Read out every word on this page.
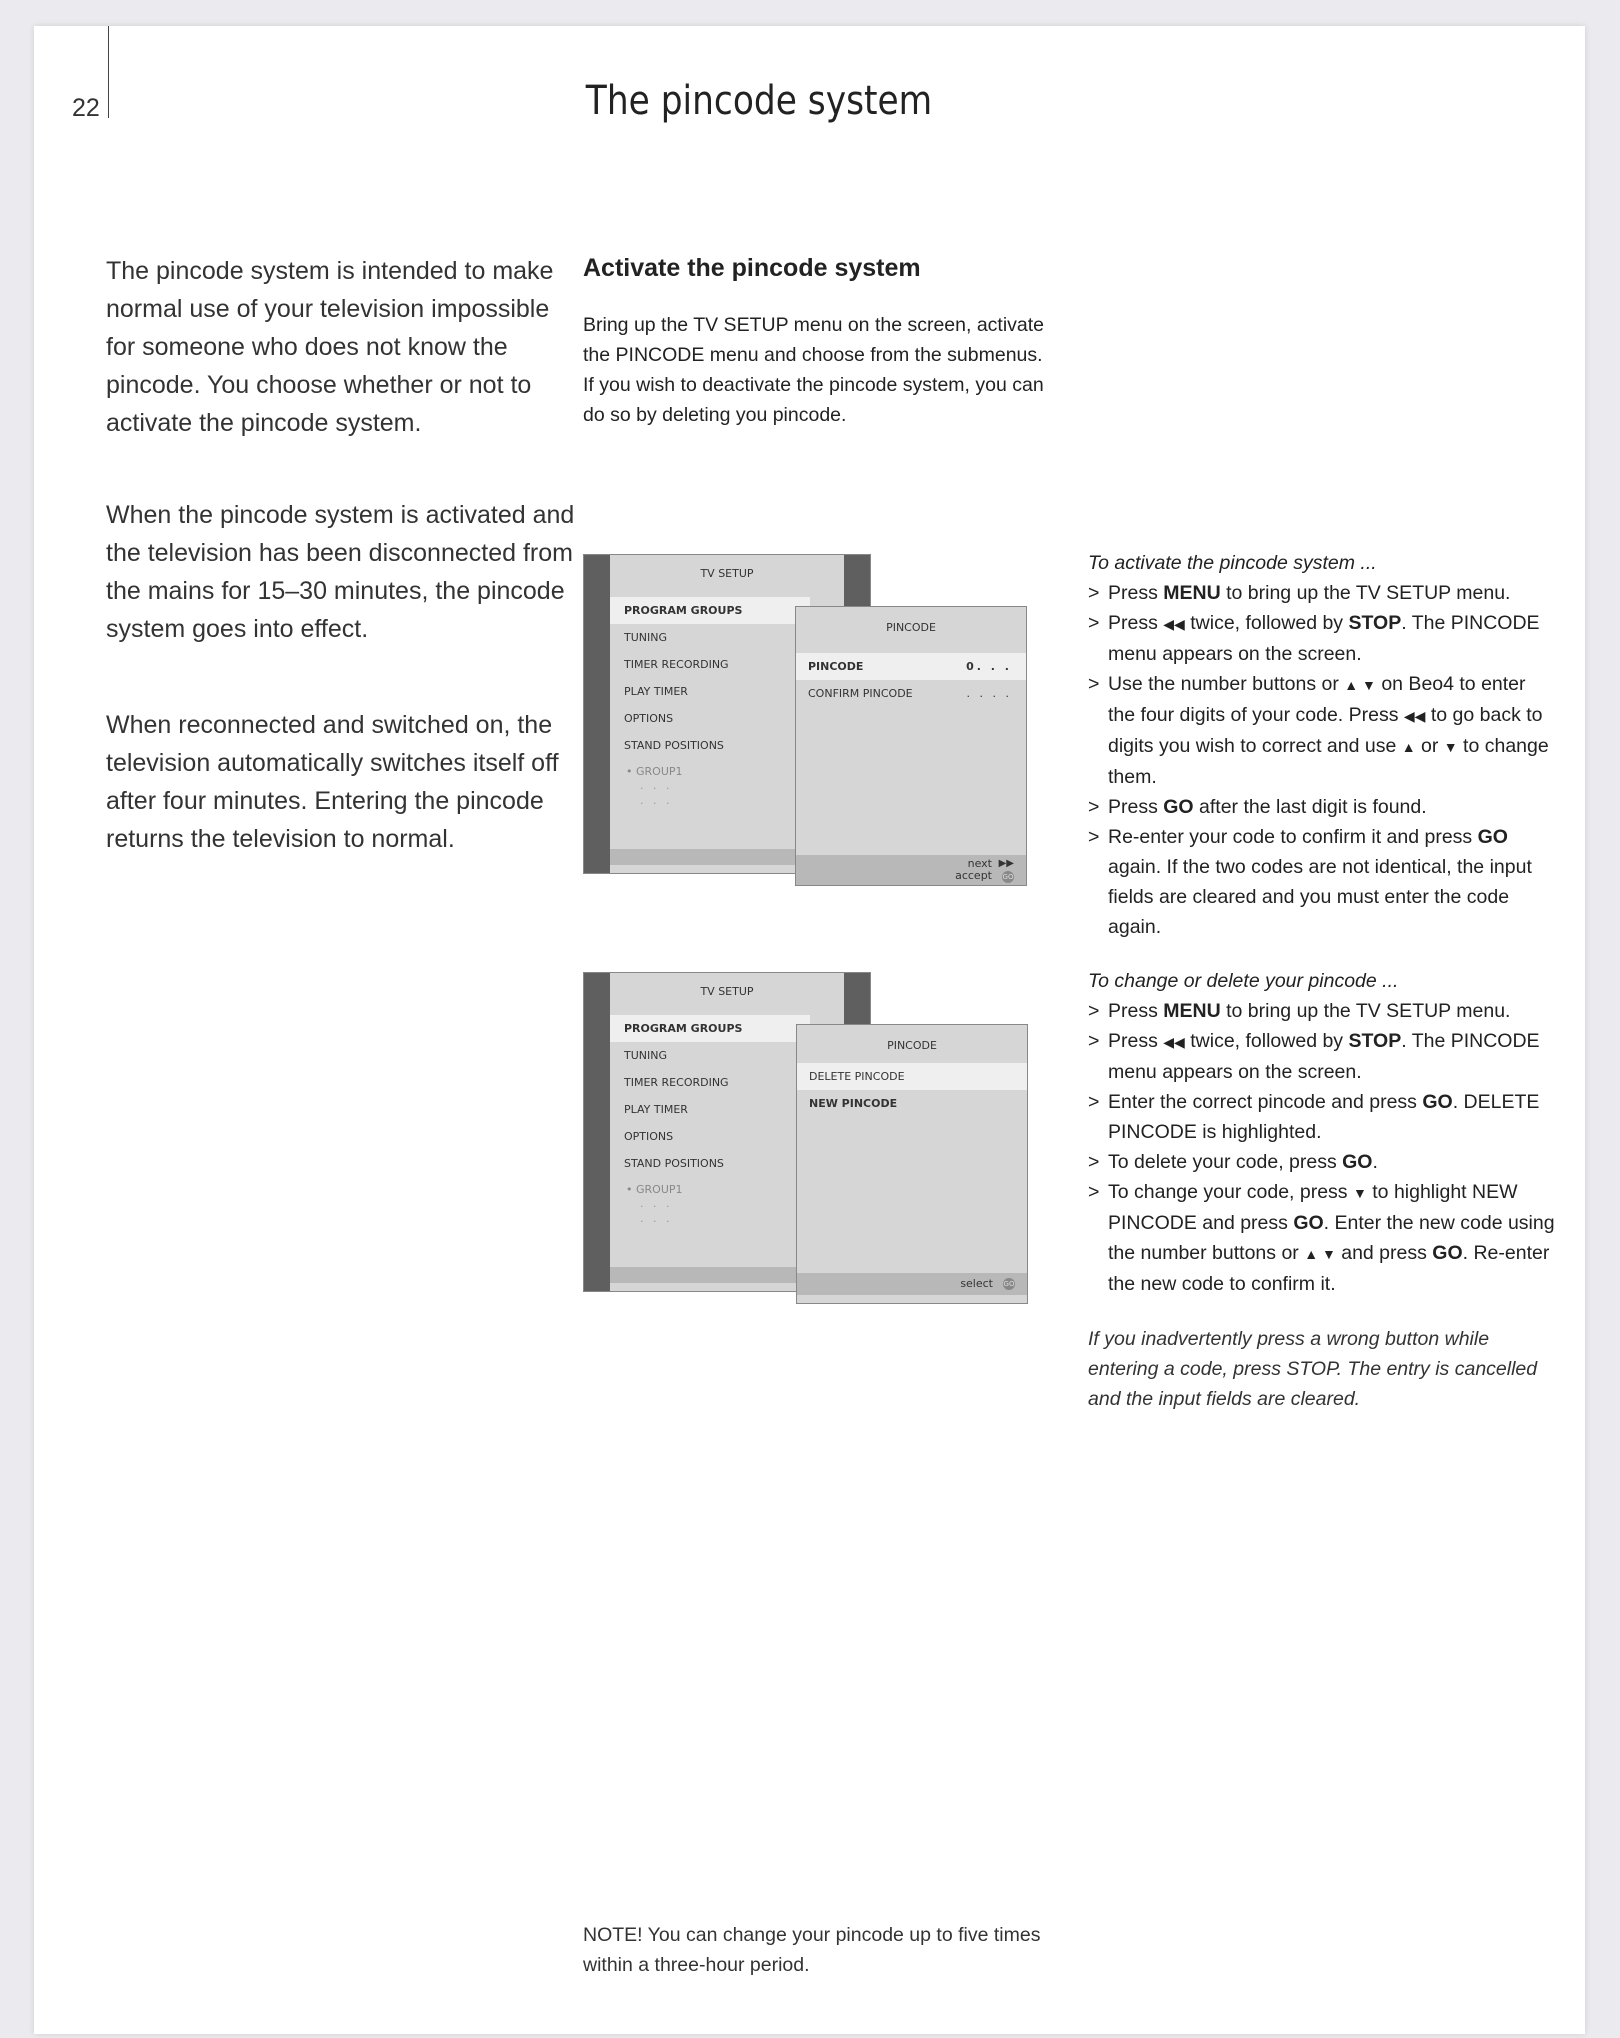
22	The pincode system

The pincode system is intended to make normal use of your television impossible for someone who does not know the pincode. You choose whether or not to activate the pincode system.

When the pincode system is activated and the television has been disconnected from the mains for 15–30 minutes, the pincode system goes into effect.

When reconnected and switched on, the television automatically switches itself off after four minutes. Entering the pincode returns the television to normal.

Activate the pincode system

Bring up the TV SETUP menu on the screen, activate the PINCODE menu and choose from the submenus.

If you wish to deactivate the pincode system, you can do so by deleting you pincode.

TV SETUP
PROGRAM GROUPS
TUNING
TIMER RECORDING
PLAY TIMER
OPTIONS
STAND POSITIONS
• GROUP1
. . .
. . .
PINCODE
PINCODE	0. . .
CONFIRM PINCODE	. . . .
next
accept
▶▶
GO
TV SETUP
PROGRAM GROUPS
TUNING
TIMER RECORDING
PLAY TIMER
OPTIONS
STAND POSITIONS
• GROUP1
. . .
. . .
PINCODE
DELETE PINCODE
NEW PINCODE
select GO
To activate the pincode system ...
> Press MENU to bring up the TV SETUP menu.
> Press ◀◀ twice, followed by STOP. The PINCODE menu appears on the screen.
> Use the number buttons or ▲ ▼ on Beo4 to enter the four digits of your code. Press ◀◀ to go back to digits you wish to correct and use ▲ or ▼ to change them.
> Press GO after the last digit is found.
> Re-enter your code to confirm it and press GO again. If the two codes are not identical, the input fields are cleared and you must enter the code again.
To change or delete your pincode ...
> Press MENU to bring up the TV SETUP menu.
> Press ◀◀ twice, followed by STOP. The PINCODE menu appears on the screen.
> Enter the correct pincode and press GO. DELETE PINCODE is highlighted.
> To delete your code, press GO.
> To change your code, press ▼ to highlight NEW PINCODE and press GO. Enter the new code using the number buttons or ▲ ▼ and press GO. Re-enter the new code to confirm it.
If you inadvertently press a wrong button while entering a code, press STOP. The entry is cancelled and the input fields are cleared.
NOTE! You can change your pincode up to five times within a three-hour period.
